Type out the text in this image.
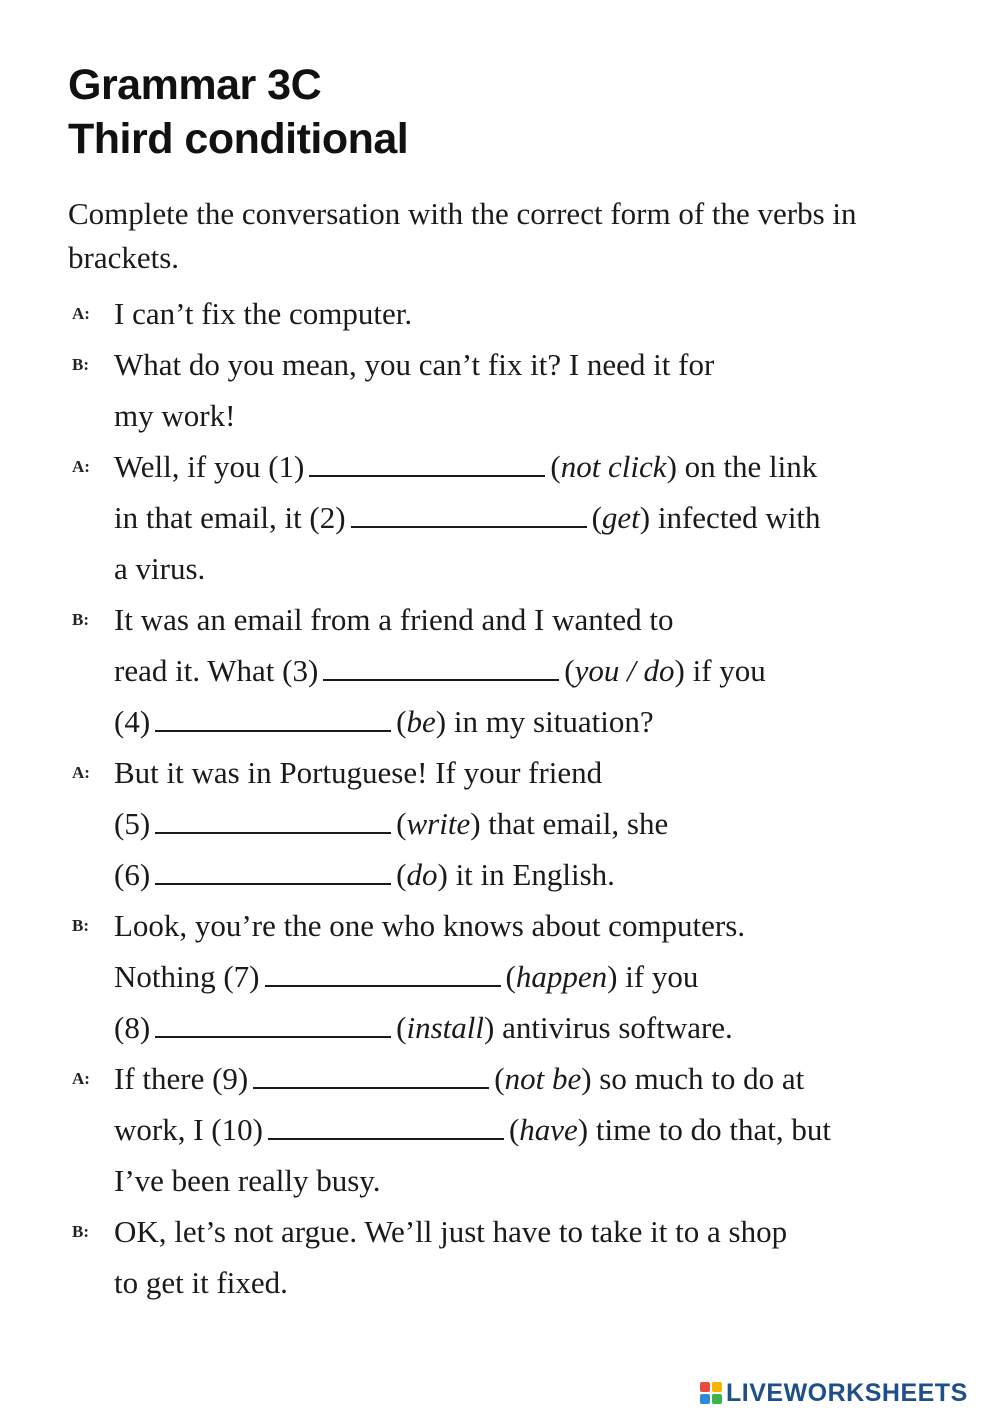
Grammar 3C
Third conditional
Complete the conversation with the correct form of the verbs in brackets.
A: I can’t fix the computer.
B: What do you mean, you can’t fix it? I need it for
my work!
A: Well, if you (1)	(not click) on the link
in that email, it (2)	(get) infected with
a virus.
B: It was an email from a friend and I wanted to
read it. What (3)	(you / do) if you
(4)	(be) in my situation?
A: But it was in Portuguese! If your friend
(5)	(write) that email, she
(6)	(do) it in English.
B: Look, you’re the one who knows about computers.
Nothing (7)	(happen) if you
(8)	(install) antivirus software.
A: If there (9)	(not be) so much to do at
work, I (10)	(have) time to do that, but
I’ve been really busy.
B: OK, let’s not argue. We’ll just have to take it to a shop
to get it fixed.
LIVEWORKSHEETS
